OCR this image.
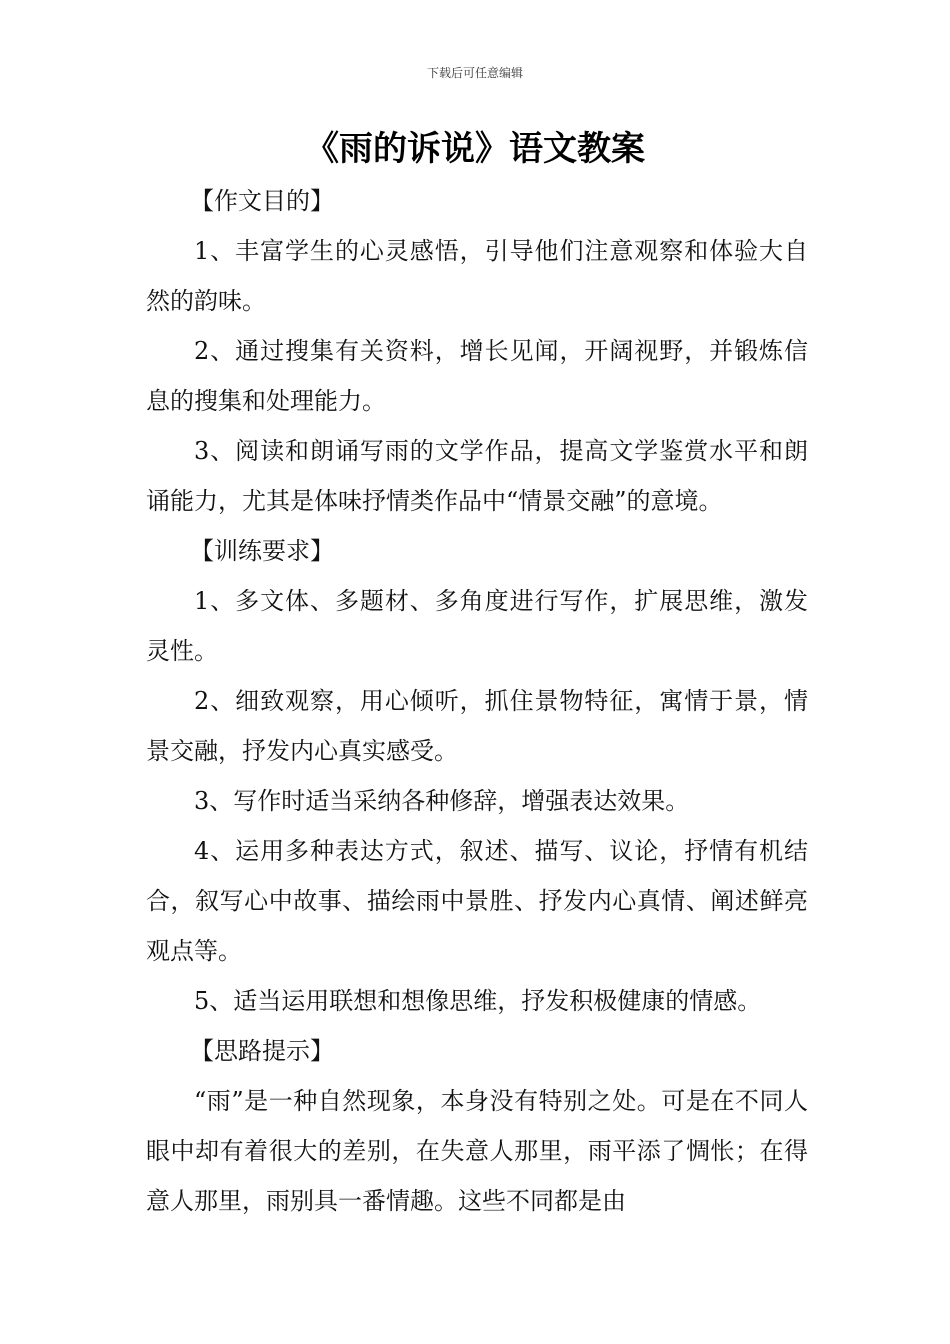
下载后可任意编辑
《雨的诉说》语文教案

【作文目的】

1、丰富学生的心灵感悟，引导他们注意观察和体验大自然的韵味。

2、通过搜集有关资料，增长见闻，开阔视野，并锻炼信息的搜集和处理能力。

3、阅读和朗诵写雨的文学作品，提高文学鉴赏水平和朗诵能力，尤其是体味抒情类作品中“情景交融”的意境。

【训练要求】

1、多文体、多题材、多角度进行写作，扩展思维，激发灵性。

2、细致观察，用心倾听，抓住景物特征，寓情于景，情景交融，抒发内心真实感受。

3、写作时适当采纳各种修辞，增强表达效果。

4、运用多种表达方式，叙述、描写、议论，抒情有机结合，叙写心中故事、描绘雨中景胜、抒发内心真情、阐述鲜亮观点等。

5、适当运用联想和想像思维，抒发积极健康的情感。

【思路提示】

“雨”是一种自然现象，本身没有特别之处。可是在不同人眼中却有着很大的差别，在失意人那里，雨平添了惆怅；在得意人那里，雨别具一番情趣。这些不同都是由
